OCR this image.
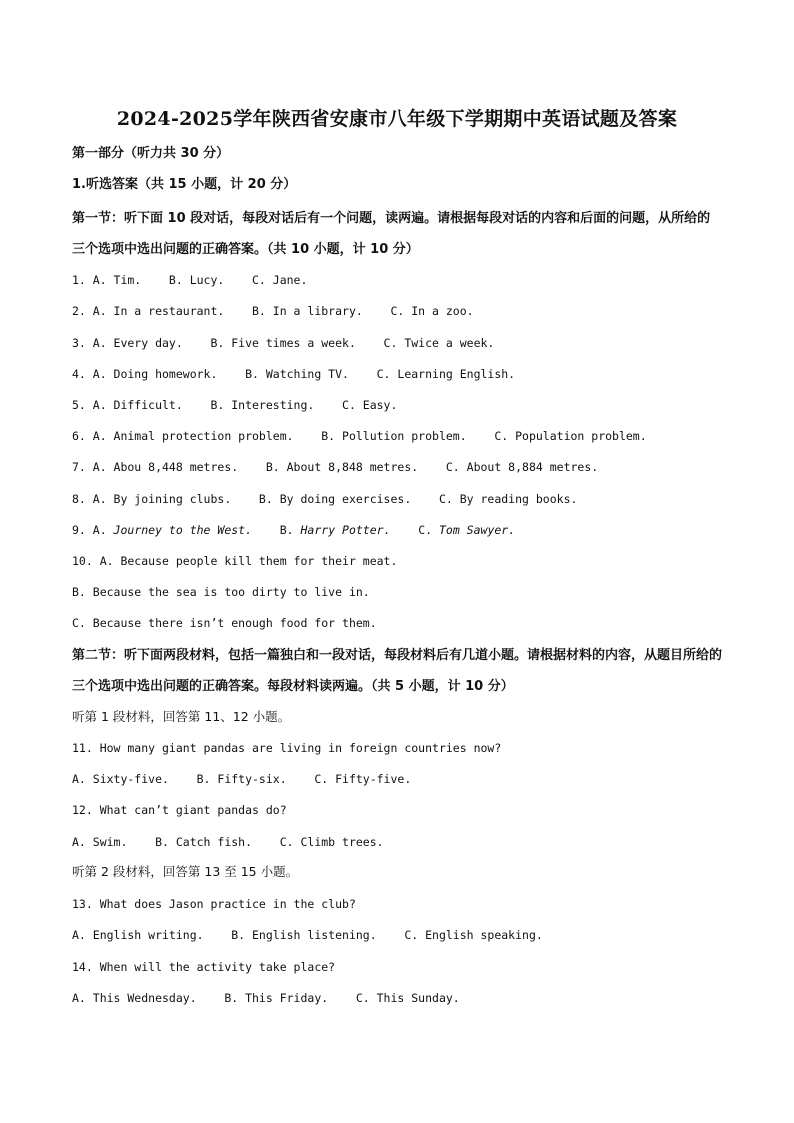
2024-2025学年陕西省安康市八年级下学期期中英语试题及答案

第一部分（听力共 30 分）

1.听选答案（共 15 小题，计 20 分）

第一节：听下面 10 段对话，每段对话后有一个问题，读两遍。请根据每段对话的内容和后面的问题，从所给的三个选项中选出问题的正确答案。（共 10 小题，计 10 分）

1. A. Tim.    B. Lucy.    C. Jane.

2. A. In a restaurant.    B. In a library.    C. In a zoo.

3. A. Every day.    B. Five times a week.    C. Twice a week.

4. A. Doing homework.    B. Watching TV.    C. Learning English.

5. A. Difficult.    B. Interesting.    C. Easy.

6. A. Animal protection problem.    B. Pollution problem.    C. Population problem.

7. A. Abou 8,448 metres.    B. About 8,848 metres.    C. About 8,884 metres.

8. A. By joining clubs.    B. By doing exercises.    C. By reading books.

9. A. Journey to the West.    B. Harry Potter.    C. Tom Sawyer.

10. A. Because people kill them for their meat.

B. Because the sea is too dirty to live in.

C. Because there isn’t enough food for them.

第二节：听下面两段材料，包括一篇独白和一段对话，每段材料后有几道小题。请根据材料的内容，从题目所给的三个选项中选出问题的正确答案。每段材料读两遍。（共 5 小题，计 10 分）

听第 1 段材料，回答第 11、12 小题。

11. How many giant pandas are living in foreign countries now?

A. Sixty-five.    B. Fifty-six.    C. Fifty-five.

12. What can’t giant pandas do?

A. Swim.    B. Catch fish.    C. Climb trees.

听第 2 段材料，回答第 13 至 15 小题。

13. What does Jason practice in the club?

A. English writing.    B. English listening.    C. English speaking.

14. When will the activity take place?

A. This Wednesday.    B. This Friday.    C. This Sunday.
